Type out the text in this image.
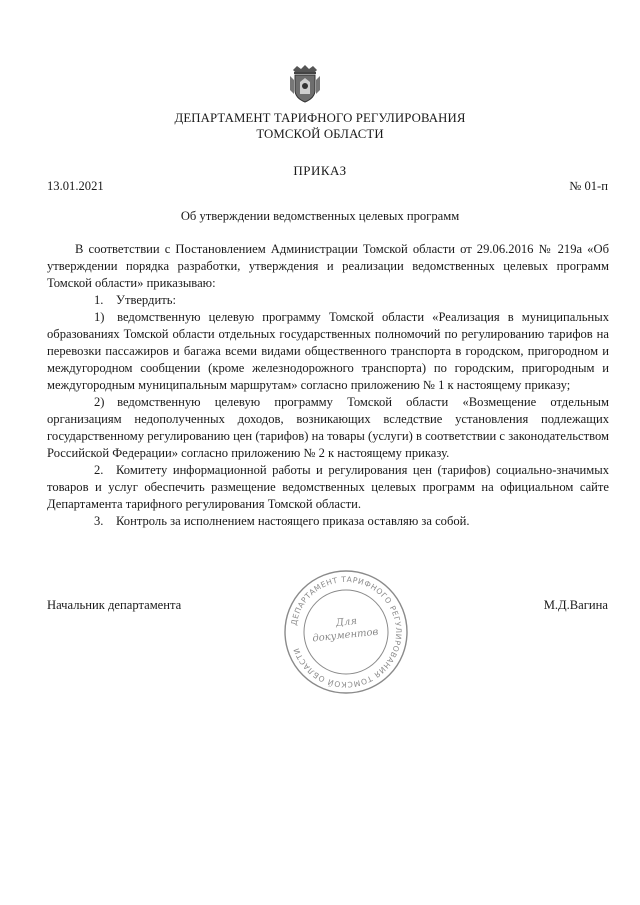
ДЕПАРТАМЕНТ ТАРИФНОГО РЕГУЛИРОВАНИЯ
ТОМСКОЙ ОБЛАСТИ
ПРИКАЗ
13.01.2021	№ 01-п
Об утверждении ведомственных целевых программ

В соответствии с Постановлением Администрации Томской области от 29.06.2016 № 219а «Об утверждении порядка разработки, утверждения и реализации ведомственных целевых программ Томской области» приказываю:

1. Утвердить:

1) ведомственную целевую программу Томской области «Реализация в муниципальных образованиях Томской области отдельных государственных полномочий по регулированию тарифов на перевозки пассажиров и багажа всеми видами общественного транспорта в городском, пригородном и междугородном сообщении (кроме железнодорожного транспорта) по городским, пригородным и междугородным муниципальным маршрутам» согласно приложению № 1 к настоящему приказу;

2) ведомственную целевую программу Томской области «Возмещение отдельным организациям недополученных доходов, возникающих вследствие установления подлежащих государственному регулированию цен (тарифов) на товары (услуги) в соответствии с законодательством Российской Федерации» согласно приложению № 2 к настоящему приказу.

2. Комитету информационной работы и регулирования цен (тарифов) социально-значимых товаров и услуг обеспечить размещение ведомственных целевых программ на официальном сайте Департамента тарифного регулирования Томской области.

3. Контроль за исполнением настоящего приказа оставляю за собой.

Начальник департамента	М.Д.Вагина
ДЕПАРТАМЕНТ ТАРИФНОГО РЕГУЛИРОВАНИЯ ТОМСКОЙ ОБЛАСТИ
Для документов
